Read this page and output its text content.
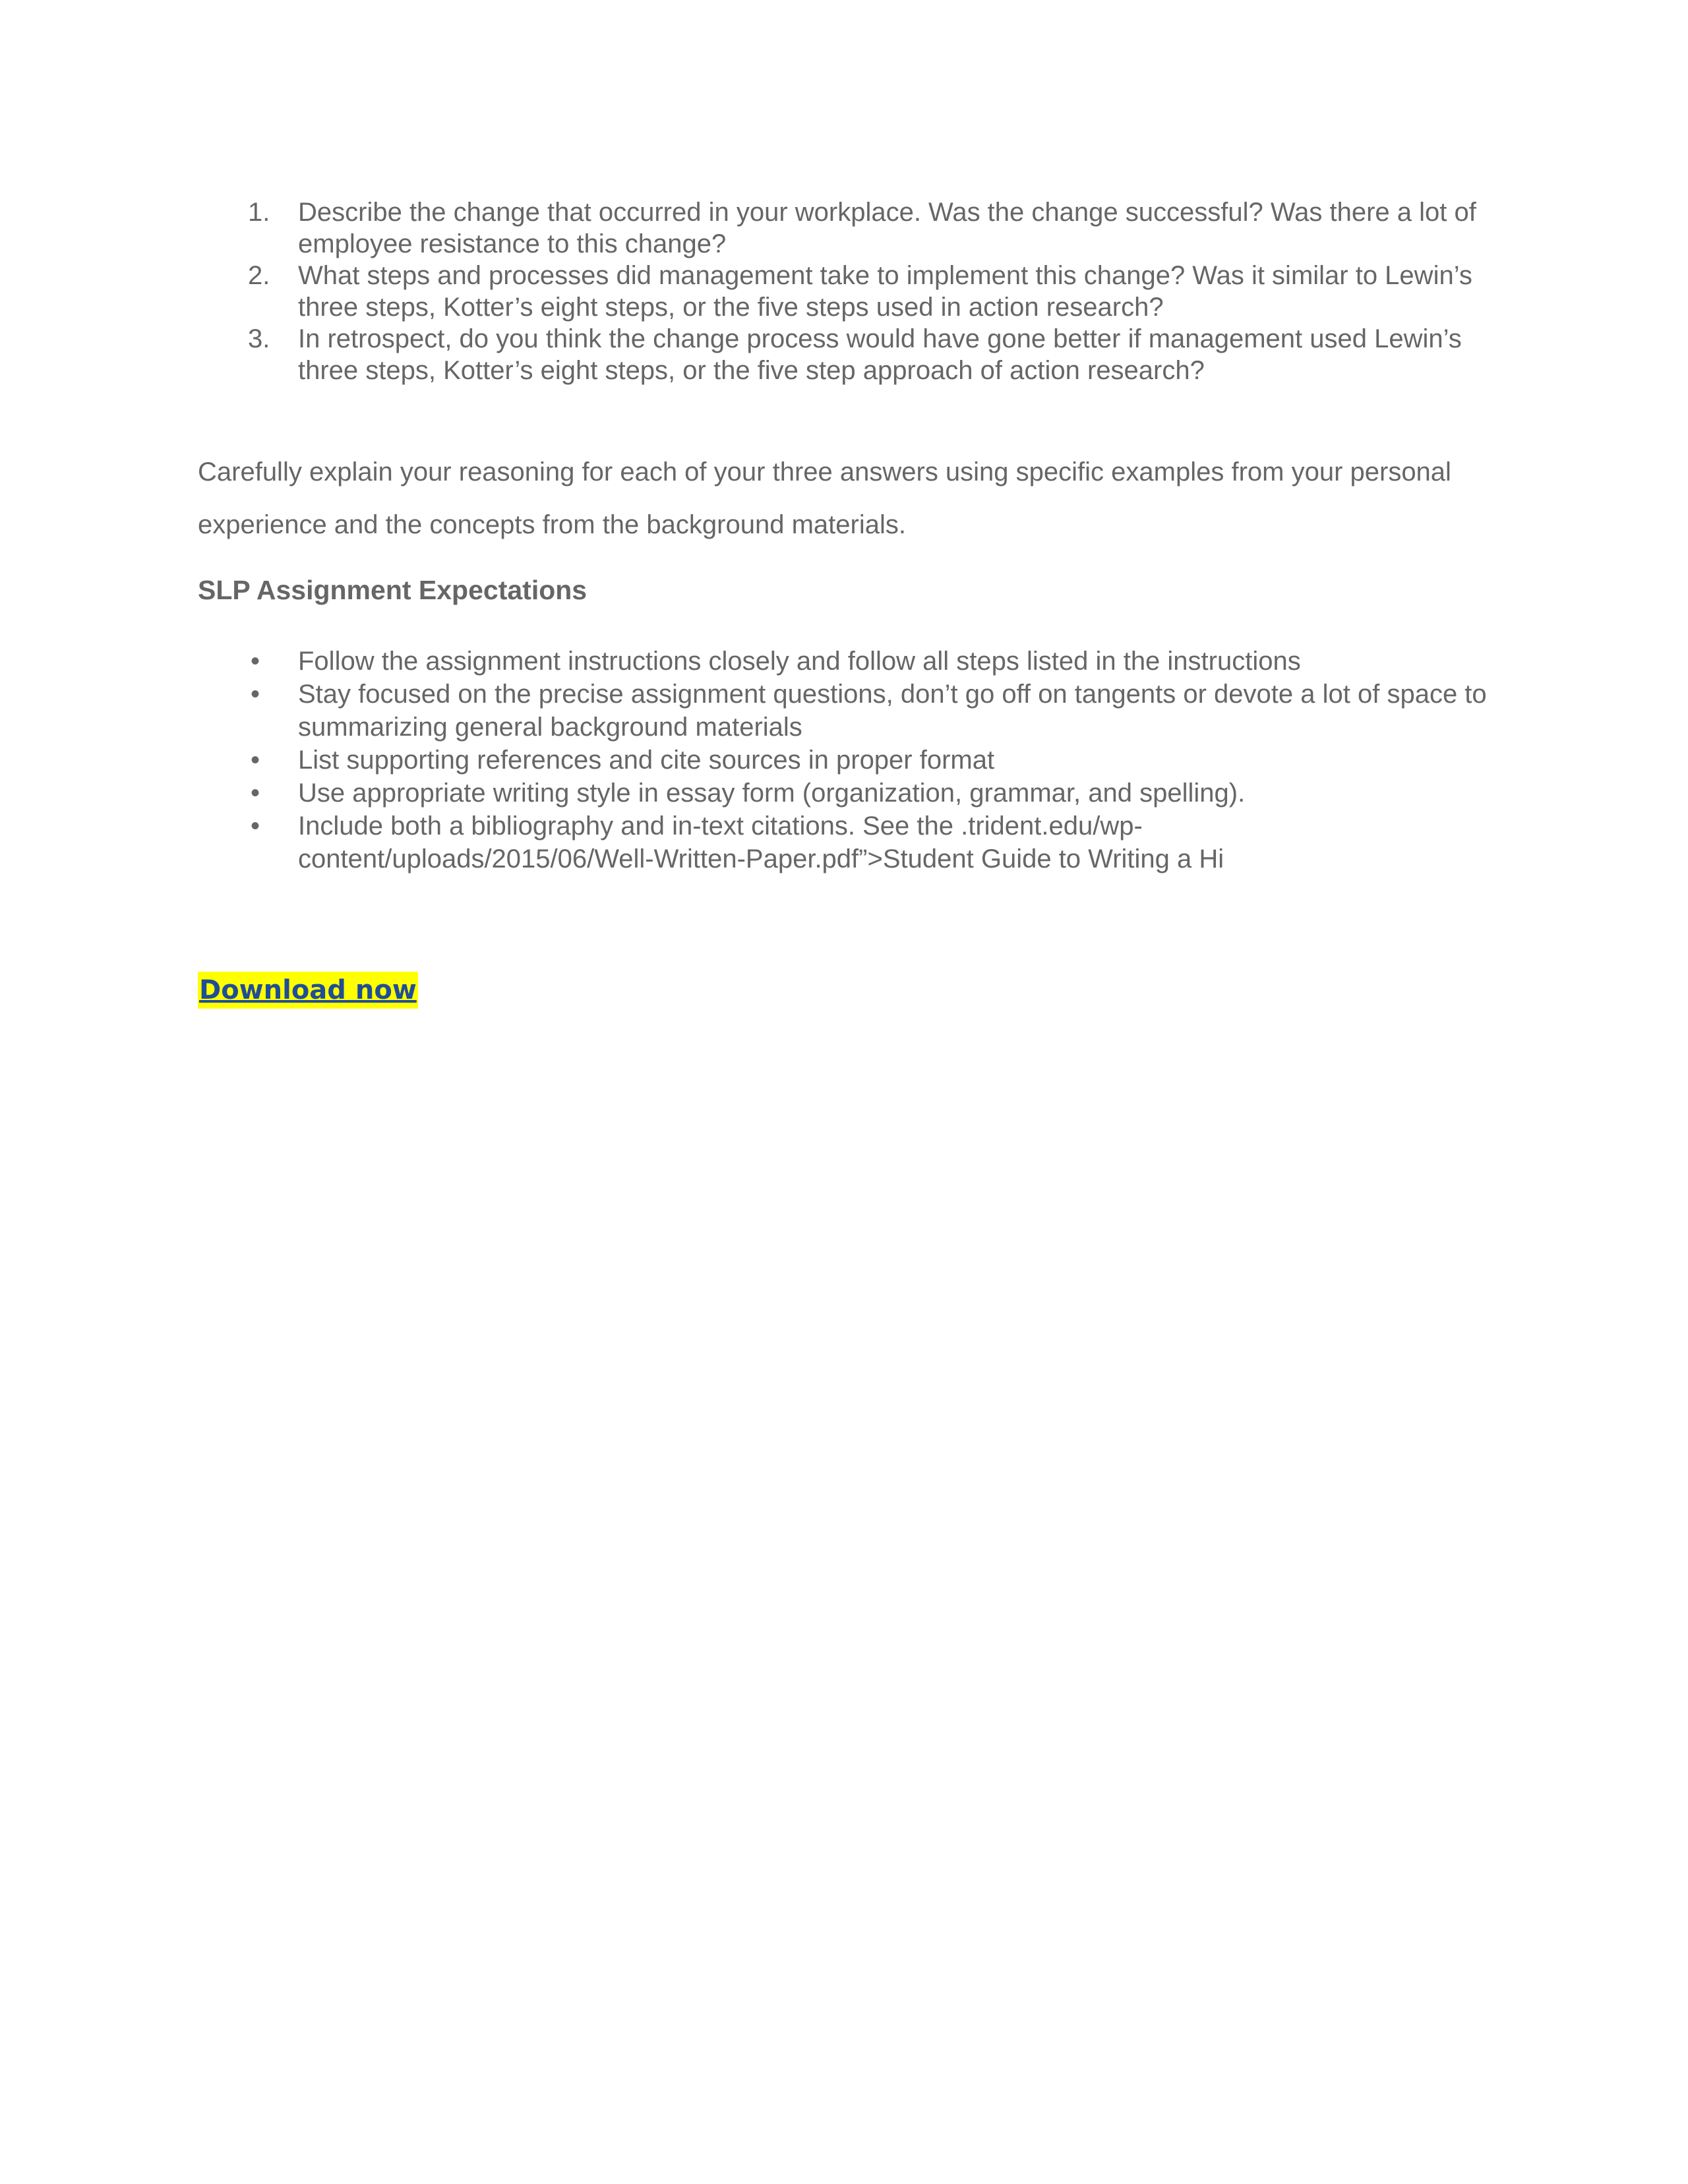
1. Describe the change that occurred in your workplace. Was the change successful? Was there a lot of employee resistance to this change?
2. What steps and processes did management take to implement this change? Was it similar to Lewin’s three steps, Kotter’s eight steps, or the five steps used in action research?
3. In retrospect, do you think the change process would have gone better if management used Lewin’s three steps, Kotter’s eight steps, or the five step approach of action research?

Carefully explain your reasoning for each of your three answers using specific examples from your personal experience and the concepts from the background materials.

SLP Assignment Expectations
• Follow the assignment instructions closely and follow all steps listed in the instructions
• Stay focused on the precise assignment questions, don’t go off on tangents or devote a lot of space to summarizing general background materials
• List supporting references and cite sources in proper format
• Use appropriate writing style in essay form (organization, grammar, and spelling).
• Include both a bibliography and in-text citations. See the .trident.edu/wp-content/uploads/2015/06/Well-Written-Paper.pdf”>Student Guide to Writing a Hi
Download now
